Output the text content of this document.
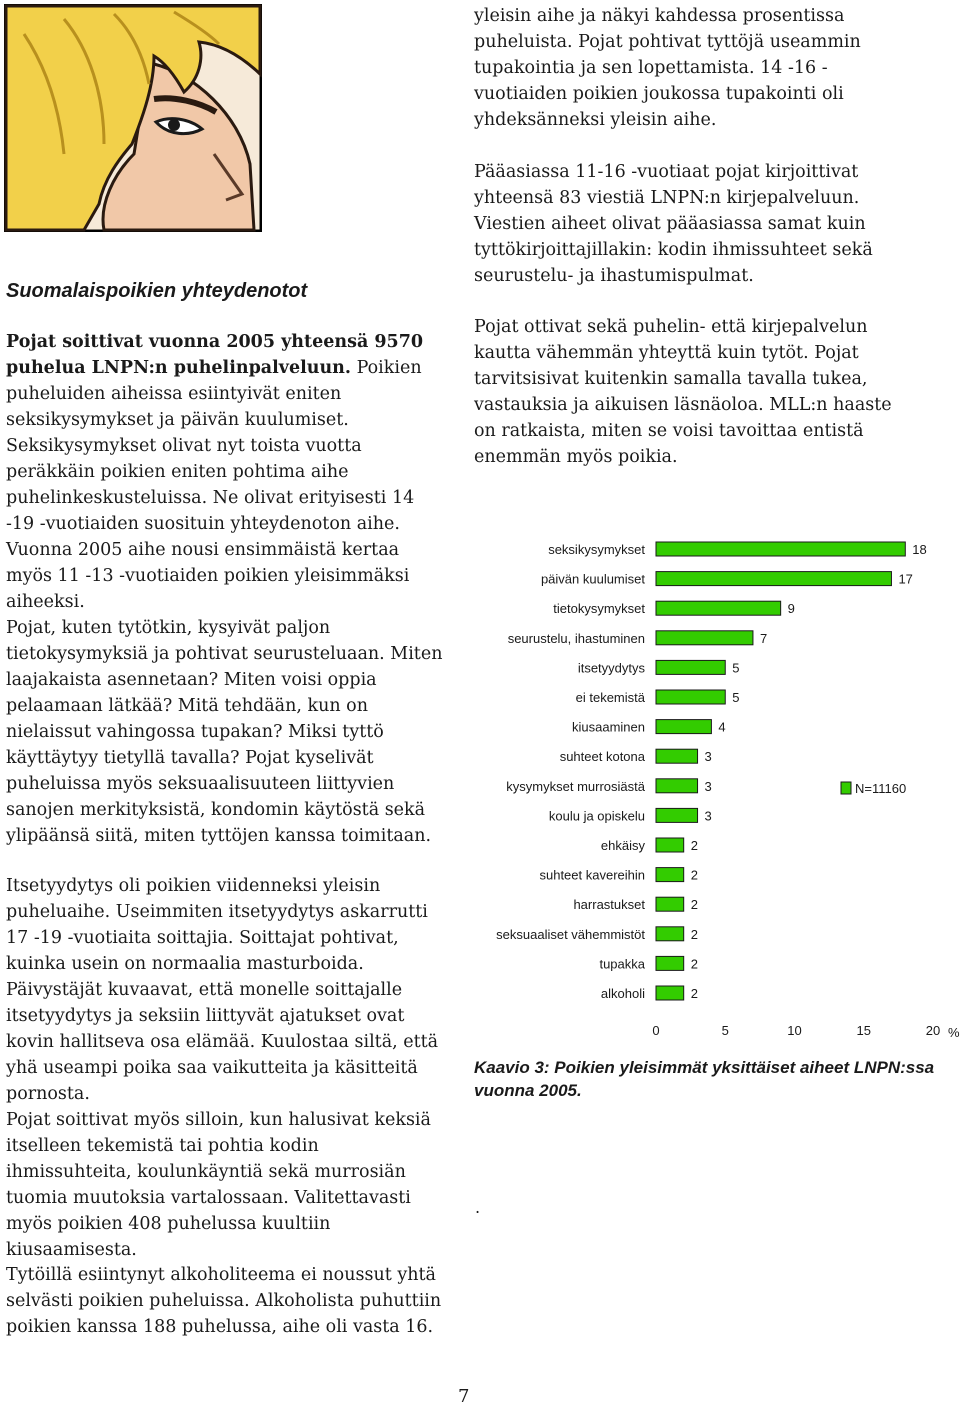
Suomalaispoikien yhteydenotot

Pojat soittivat vuonna 2005 yhteensä 9570 puhelua LNPN:n puhelinpalveluun. Poikien puheluiden aiheissa esiintyivät eniten seksikysymykset ja päivän kuulumiset. Seksikysymykset olivat nyt toista vuotta peräkkäin poikien eniten pohtima aihe puhelinkeskusteluissa. Ne olivat erityisesti 14 -19 -vuotiaiden suosituin yhteydenoton aihe. Vuonna 2005 aihe nousi ensimmäistä kertaa myös 11 -13 -vuotiaiden poikien yleisimmäksi aiheeksi.

Pojat, kuten tytötkin, kysyivät paljon tietokysymyksiä ja pohtivat seurusteluaan. Miten laajakaista asennetaan? Miten voisi oppia pelaamaan lätkää? Mitä tehdään, kun on nielaissut vahingossa tupakan? Miksi tyttö käyttäytyy tietyllä tavalla? Pojat kyselivät puheluissa myös seksuaalisuuteen liittyvien sanojen merkityksistä, kondomin käytöstä sekä ylipäänsä siitä, miten tyttöjen kanssa toimitaan.
Itsetyydytys oli poikien viidenneksi yleisin puheluaihe. Useimmiten itsetyydytys askarrutti 17 -19 -vuotiaita soittajia. Soittajat pohtivat, kuinka usein on normaalia masturboida. Päivystäjät kuvaavat, että monelle soittajalle itsetyydytys ja seksiin liittyvät ajatukset ovat kovin hallitseva osa elämää. Kuulostaa siltä, että yhä useampi poika saa vaikutteita ja käsitteitä pornosta.
Pojat soittivat myös silloin, kun halusivat keksiä itselleen tekemistä tai pohtia kodin ihmissuhteita, koulunkäyntiä sekä murrosiän tuomia muutoksia vartalossaan. Valitettavasti myös poikien 408 puhelussa kuultiin kiusaamisesta.
Tytöillä esiintynyt alkoholiteema ei noussut yhtä selvästi poikien puheluissa. Alkoholista puhuttiin poikien kanssa 188 puhelussa, aihe oli vasta 16.
yleisin aihe ja näkyi kahdessa prosentissa puheluista. Pojat pohtivat tyttöjä useammin tupakointia ja sen lopettamista. 14 -16 -vuotiaiden poikien joukossa tupakointi oli yhdeksänneksi yleisin aihe.
Pääasiassa 11-16 -vuotiaat pojat kirjoittivat yhteensä 83 viestiä LNPN:n kirjepalveluun. Viestien aiheet olivat pääasiassa samat kuin tyttökirjoittajillakin: kodin ihmissuhteet sekä seurustelu- ja ihastumispulmat.
Pojat ottivat sekä puhelin- että kirjepalvelun kautta vähemmän yhteyttä kuin tytöt. Pojat tarvitsisivat kuitenkin samalla tavalla tukea, vastauksia ja aikuisen läsnäoloa. MLL:n haaste on ratkaista, miten se voisi tavoittaa entistä enemmän myös poikia.
seksikysymykset	18
päivän kuulumiset	17
tietokysymykset	9
seurustelu, ihastuminen	7
itsetyydytys	5
ei tekemistä	5
kiusaaminen	4
suhteet kotona	3
kysymykset murrosiästä	3
koulu ja opiskelu	3
ehkäisy	2
suhteet kavereihin	2
harrastukset	2
seksuaaliset vähemmistöt	2
tupakka	2
alkoholi	2
0	5	10	15	20 %
N=11160
Kaavio 3: Poikien yleisimmät yksittäiset aiheet LNPN:ssa vuonna 2005.
.
7
